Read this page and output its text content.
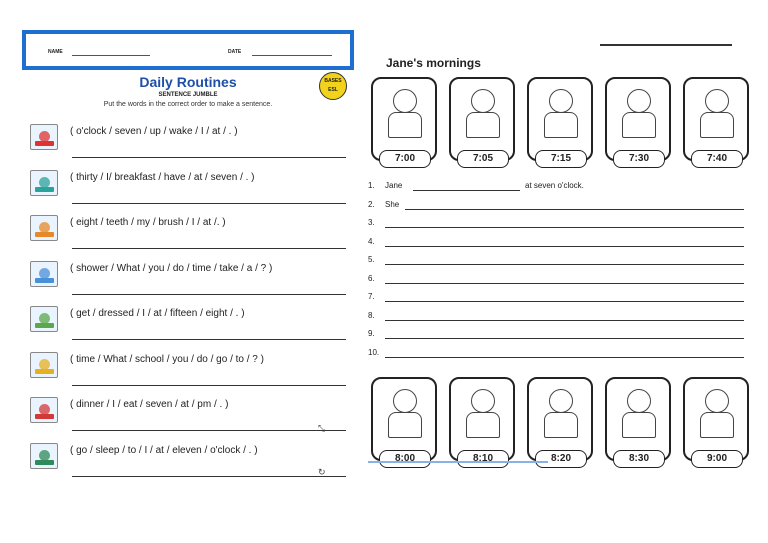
NAME	DATE
Daily Routines
SENTENCE JUMBLE
Put the words in the correct order to make a sentence.
BASES ESL
( o'clock / seven / up / wake / I / at / . )
( thirty / I/ breakfast / have / at / seven / . )
( eight / teeth / my / brush / I / at /. )
( shower / What / you / do / time / take / a / ? )
( get / dressed / I / at / fifteen / eight / . )
( time / What / school / you / do / go / to / ? )
( dinner / I / eat / seven / at / pm / . )
( go / sleep / to / I / at / eleven / o'clock / . )
⤡
↻
Jane's mornings
7:00	7:05	7:15	7:30	7:40
1.	Jane	at seven o'clock.
2.	She
3.
4.
5.
6.
7.
8.
9.
10.
8:00	8:10	8:20	8:30	9:00
